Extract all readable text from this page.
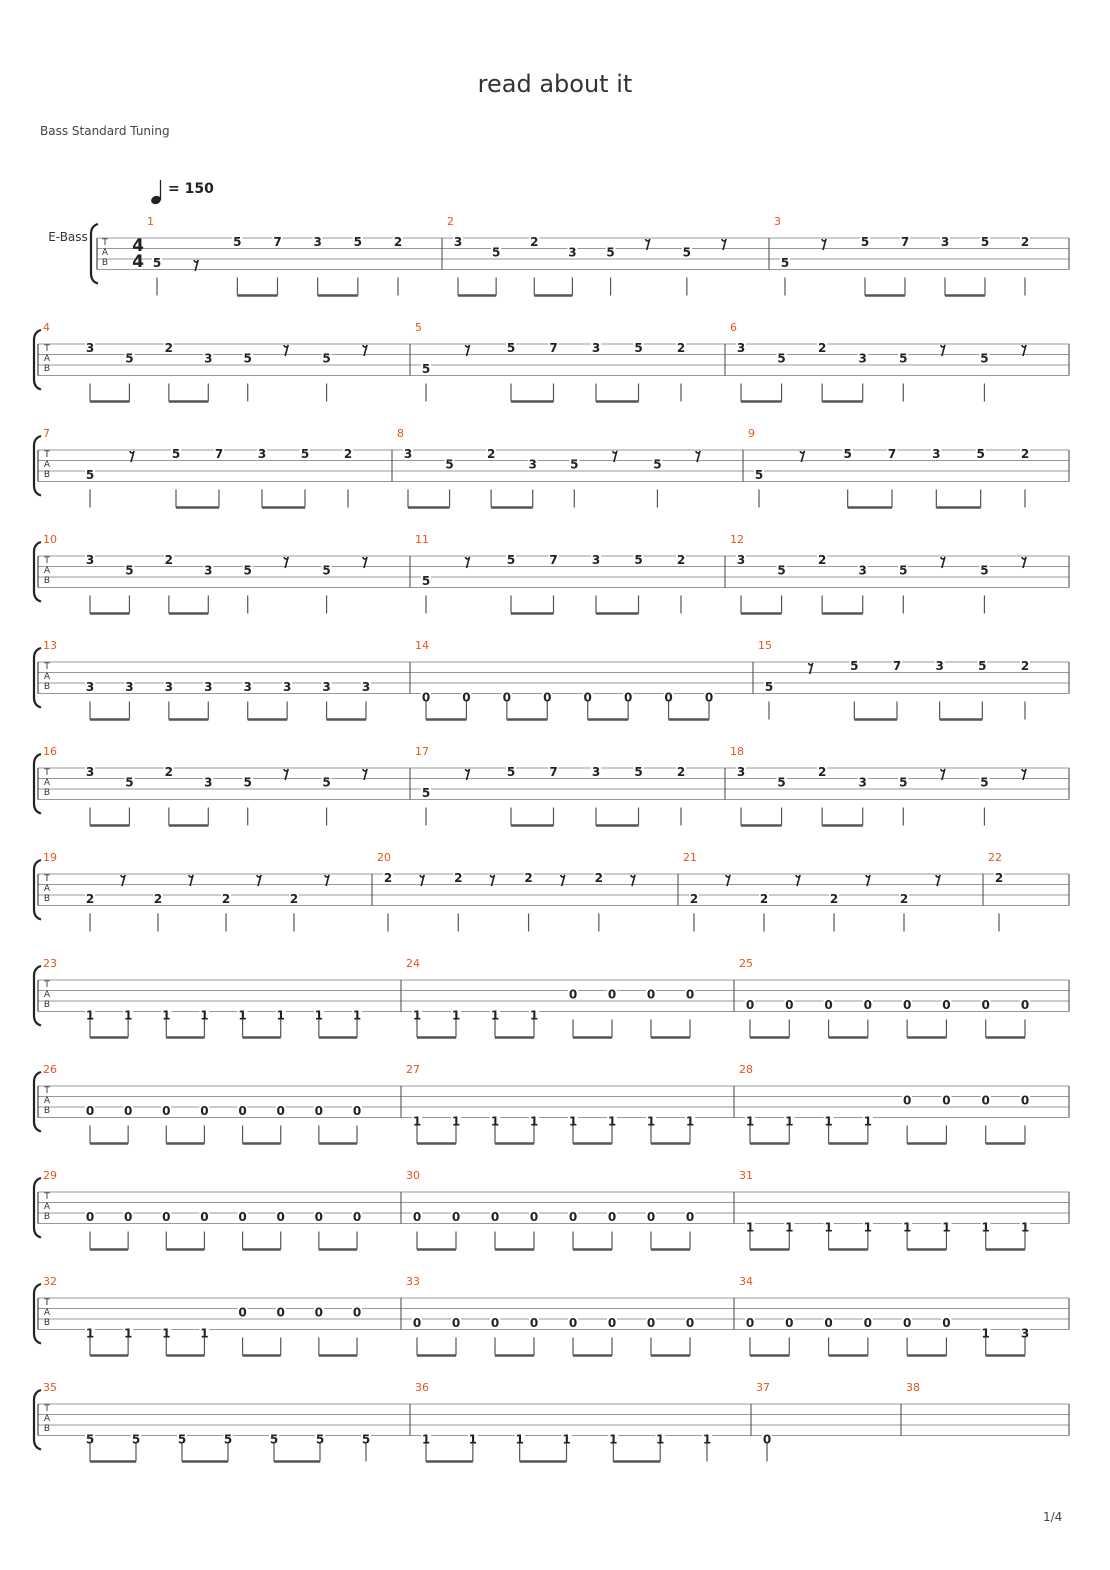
read about it
Bass Standard Tuning
1/4
= 150
E-Bass T
A
B
4
4
1
5
5	7	3	5	2
2
3
5
2
3 5	5
3
5
5	7	3	5	2
T
A
B
4
3
5
2
3	5	5
5
5
5	7	3	5	2
6
3
5
2
3	5	5
T
A
B
7
5
5	7	3	5	2
8
3
5
2
3	5	5
9
5
5	7	3	5	2
T
A
B
10
3
5
2
3	5	5
11
5
5	7	3	5	2
12
3
5
2
3	5	5
T
A
B
13
3	3	3	3	3	3	3	3
14
0	0	0	0	0	0	0	0
15
5
5	7	3	5	2
T
A
B
16
3
5
2
3	5	5
17
5
5	7	3	5	2
18
3
5
2
3	5	5
T
A
B
19
2	2	2	2
20
2	2	2	2
21
2	2	2	2
22
2
T
A
B
23
1 1 1 1 1 1 1 1
24
1	1	1	1
0	0	0	0
25
0	0	0	0	0	0	0	0
T
A
B
26
0 0 0 0 0 0 0 0
27
1	1	1	1	1	1	1	1
28
1	1	1	1
0	0	0	0
T
A
B
29
0 0 0 0 0 0 0 0
30
0	0	0	0	0	0	0	0
31
1	1	1	1	1	1	1	1
T
A
B
32
1 1 1 1
0 0 0 0
33
0	0	0	0	0	0	0	0
34
0	0	0	0	0	0
1	3
T
A
B
35
5	5	5	5	5	5	5
36
1	1	1	1	1	1	1
37
0
38
